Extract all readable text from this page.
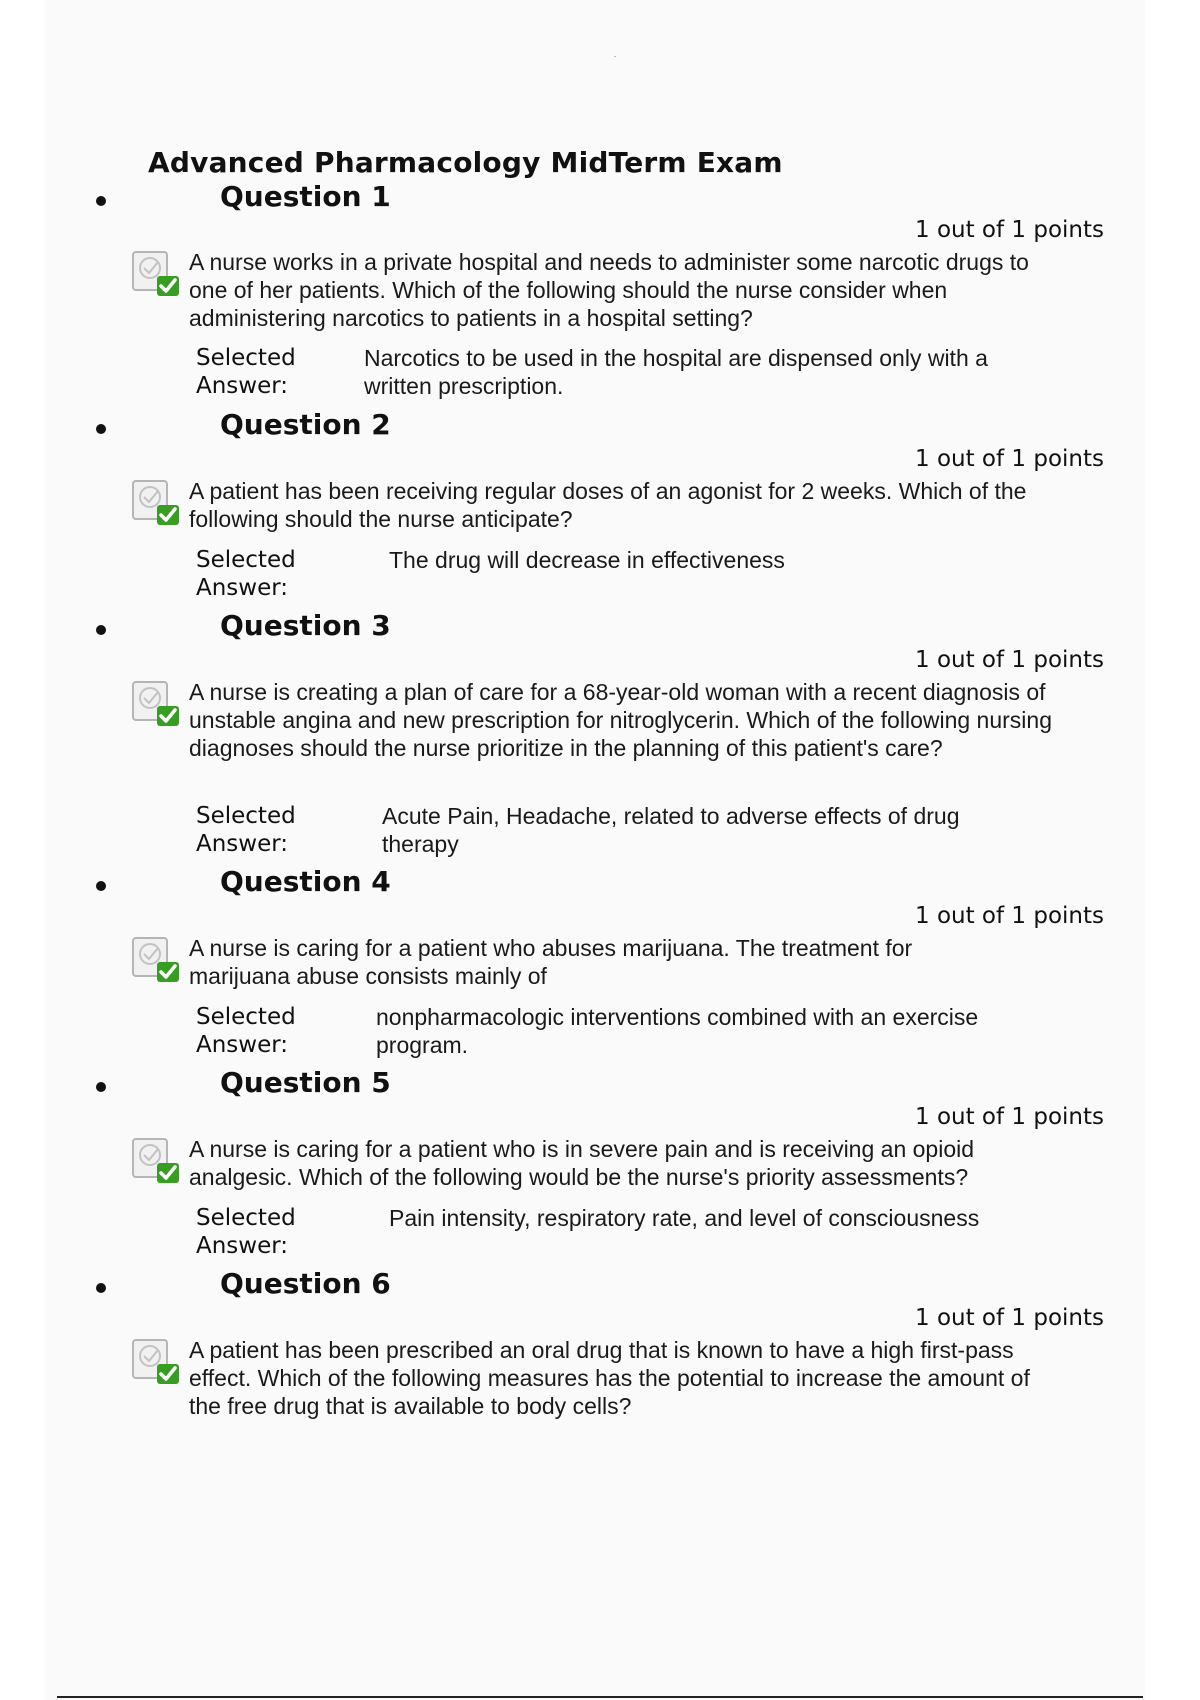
Advanced Pharmacology MidTerm Exam
Question 1
1 out of 1 points

A nurse works in a private hospital and needs to administer some narcotic drugs to one of her patients. Which of the following should the nurse consider when administering narcotics to patients in a hospital setting?

Selected
Answer:
Narcotics to be used in the hospital are dispensed only with a written prescription.
Question 2
1 out of 1 points

A patient has been receiving regular doses of an agonist for 2 weeks. Which of the following should the nurse anticipate?

Selected
Answer:
The drug will decrease in effectiveness
Question 3
1 out of 1 points

A nurse is creating a plan of care for a 68-year-old woman with a recent diagnosis of unstable angina and new prescription for nitroglycerin. Which of the following nursing diagnoses should the nurse prioritize in the planning of this patient's care?

Selected
Answer:
Acute Pain, Headache, related to adverse effects of drug therapy
Question 4
1 out of 1 points

A nurse is caring for a patient who abuses marijuana. The treatment for marijuana abuse consists mainly of

Selected
Answer:
nonpharmacologic interventions combined with an exercise program.
Question 5
1 out of 1 points

A nurse is caring for a patient who is in severe pain and is receiving an opioid analgesic. Which of the following would be the nurse's priority assessments?

Selected
Answer:
Pain intensity, respiratory rate, and level of consciousness
Question 6
1 out of 1 points

A patient has been prescribed an oral drug that is known to have a high first-pass effect. Which of the following measures has the potential to increase the amount of the free drug that is available to body cells?
